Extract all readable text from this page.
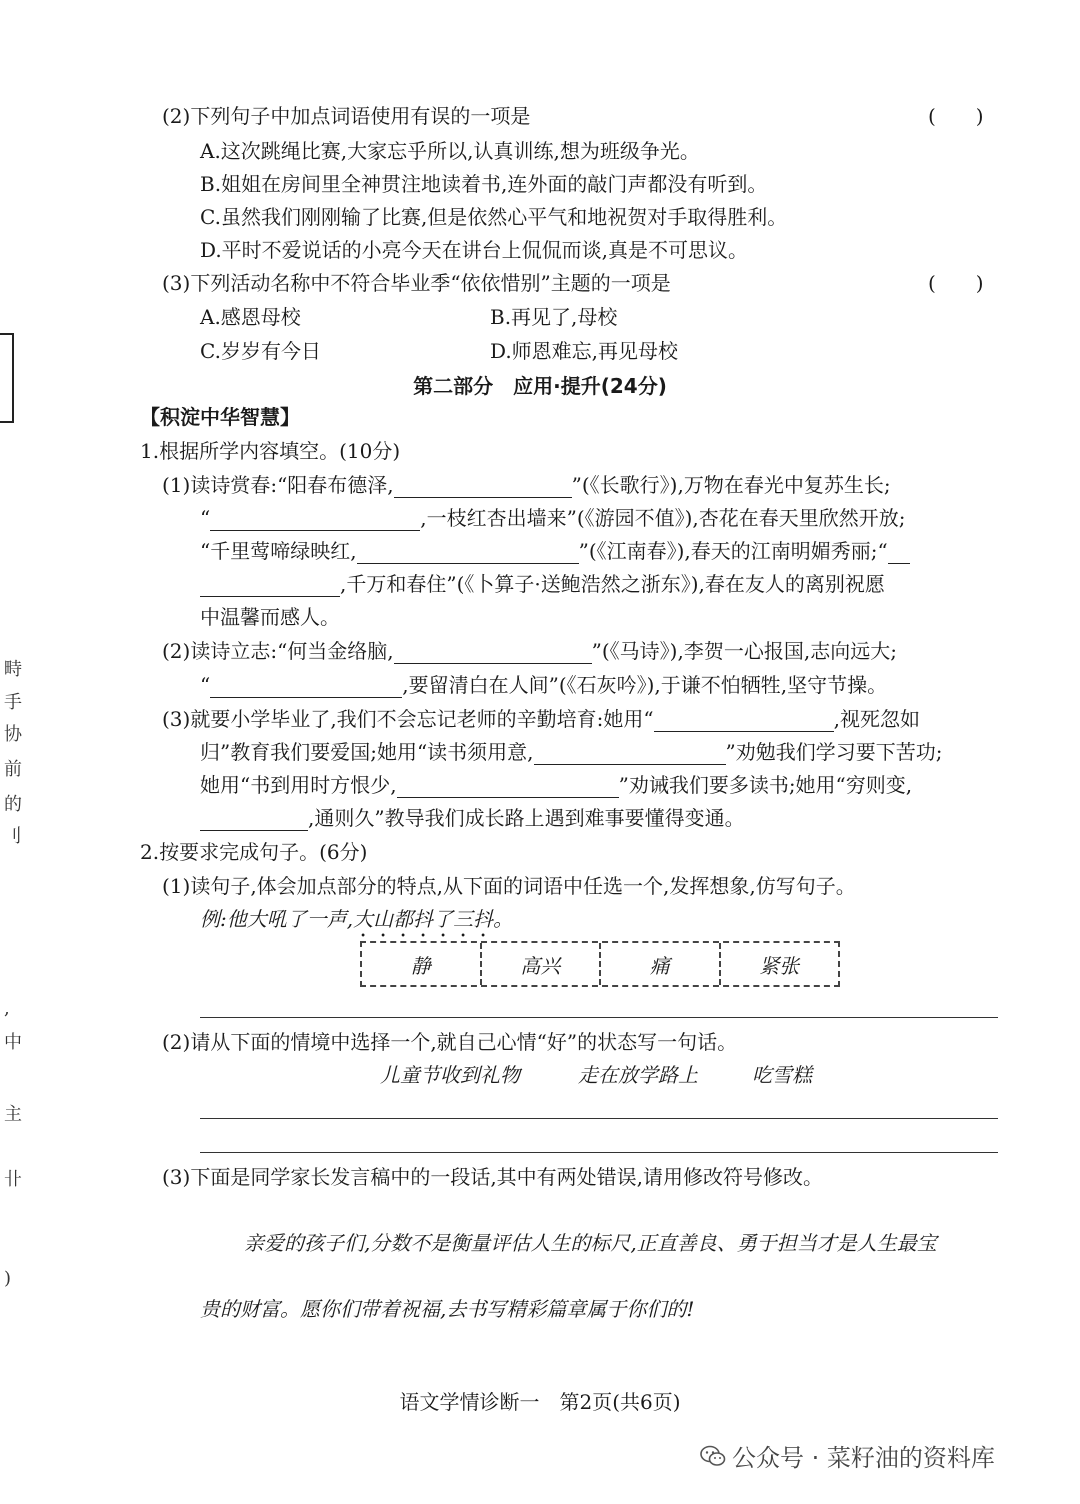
(2)下列句子中加点词语使用有误的一项是	(　　)
A.这次跳绳比赛,大家忘乎所以,认真训练,想为班级争光。
B.姐姐在房间里全神贯注地读着书,连外面的敲门声都没有听到。
C.虽然我们刚刚输了比赛,但是依然心平气和地祝贺对手取得胜利。
D.平时不爱说话的小亮今天在讲台上侃侃而谈,真是不可思议。
(3)下列活动名称中不符合毕业季“依依惜别”主题的一项是	(　　)
A.感恩母校	B.再见了,母校
C.岁岁有今日	D.师恩难忘,再见母校
第二部分　应用·提升(24分)
【积淀中华智慧】
1.根据所学内容填空。(10分)
(1)读诗赏春:“阳春布德泽,	”(《长歌行》),万物在春光中复苏生长;
“	,一枝红杏出墙来”(《游园不值》),杏花在春天里欣然开放;
“千里莺啼绿映红,	”(《江南春》),春天的江南明媚秀丽;“
,千万和春住”(《卜算子·送鲍浩然之浙东》),春在友人的离别祝愿
中温馨而感人。
(2)读诗立志:“何当金络脑,	”(《马诗》),李贺一心报国,志向远大;
“	,要留清白在人间”(《石灰吟》),于谦不怕牺牲,坚守节操。
(3)就要小学毕业了,我们不会忘记老师的辛勤培育:她用“	,视死忽如
归”教育我们要爱国;她用“读书须用意,	”劝勉我们学习要下苦功;
她用“书到用时方恨少,	”劝诫我们要多读书;她用“穷则变,
,通则久”教导我们成长路上遇到难事要懂得变通。
2.按要求完成句子。(6分)
(1)读句子,体会加点部分的特点,从下面的词语中任选一个,发挥想象,仿写句子。
例:他大吼了一声,大山都抖了三抖。
静	高兴	痛	紧张
(2)请从下面的情境中选择一个,就自己心情“好”的状态写一句话。
儿童节收到礼物	走在放学路上	吃雪糕
(3)下面是同学家长发言稿中的一段话,其中有两处错误,请用修改符号修改。
亲爱的孩子们,分数不是衡量评估人生的标尺,正直善良、勇于担当才是人生最宝
贵的财富。愿你们带着祝福,去书写精彩篇章属于你们的!
畤
手
协
前
的
刂
,
中
主
卝
)
语文学情诊断一　第2页(共6页)
公众号 · 菜籽油的资料库
